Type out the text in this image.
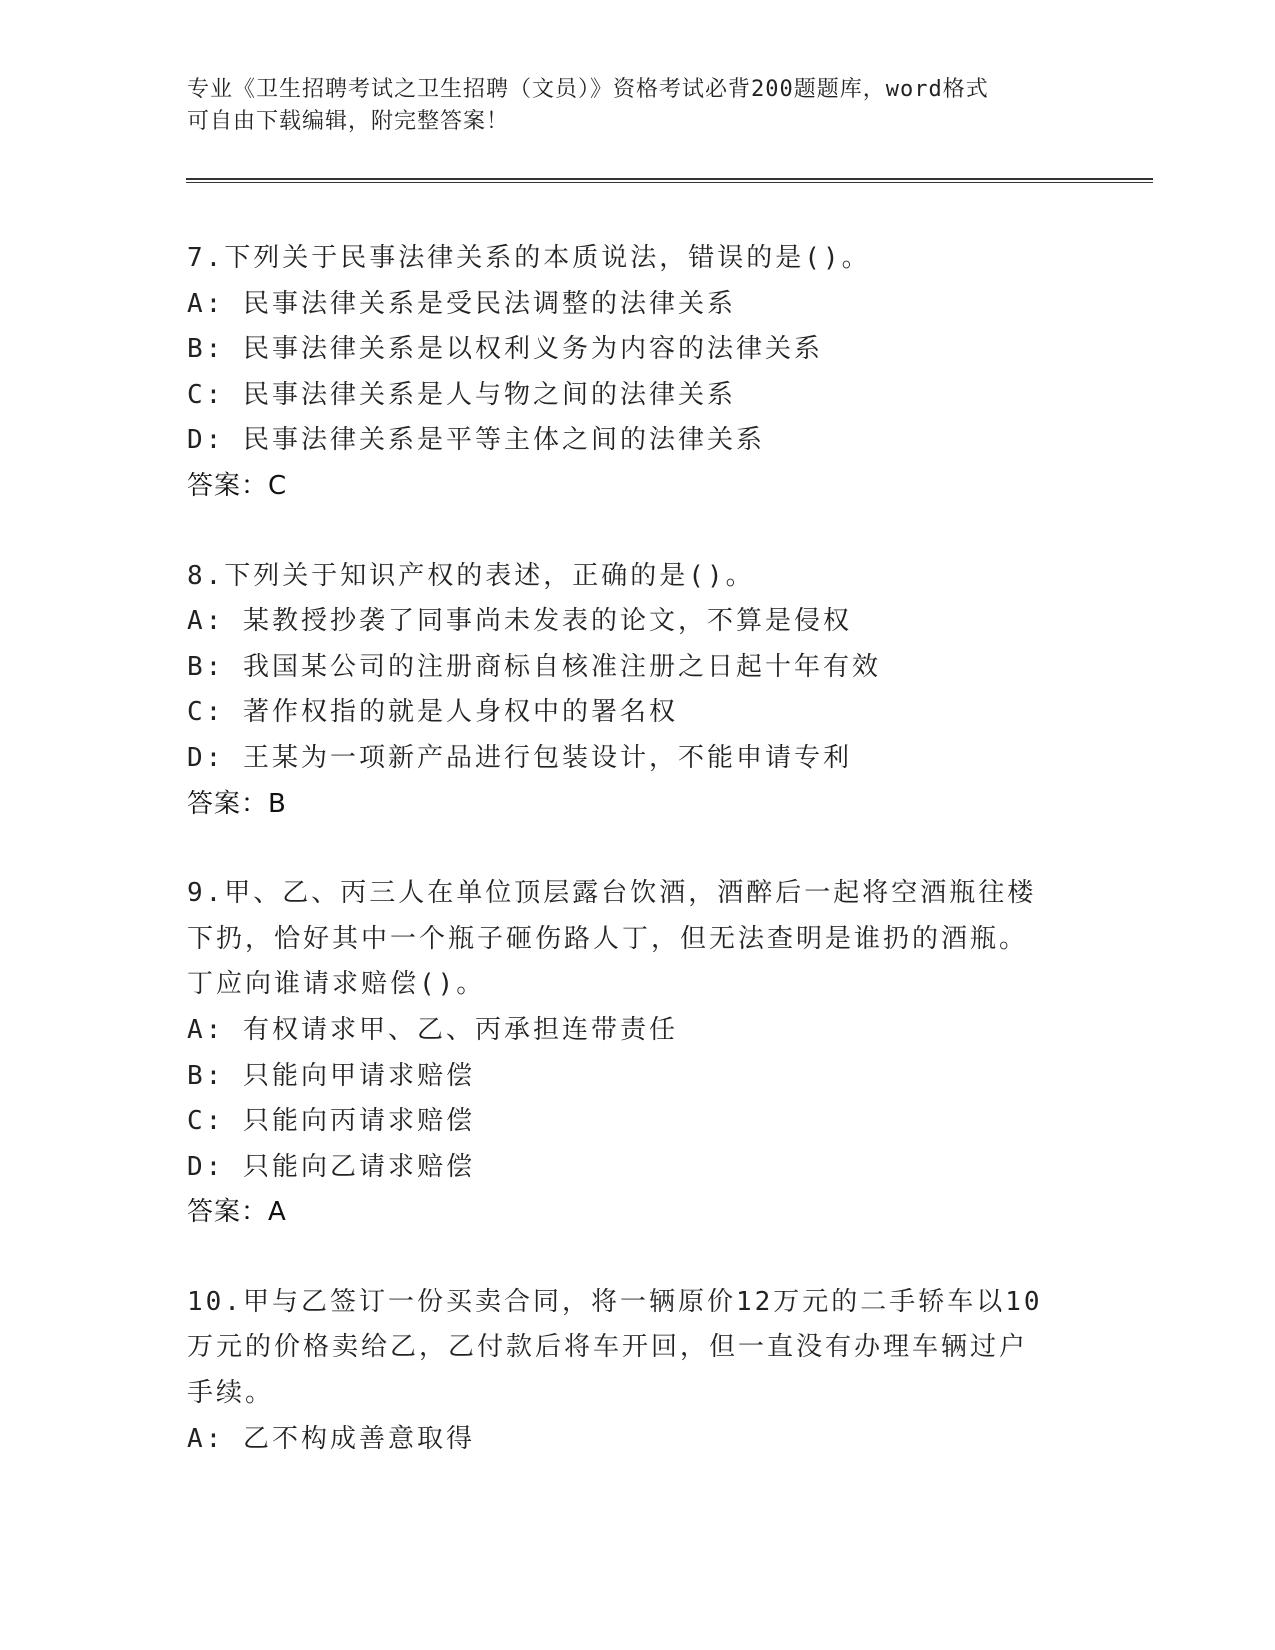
专业《卫生招聘考试之卫生招聘（文员）》资格考试必背200题题库，word格式
可自由下载编辑，附完整答案！
7.下列关于民事法律关系的本质说法，错误的是()。
A: 民事法律关系是受民法调整的法律关系
B: 民事法律关系是以权利义务为内容的法律关系
C: 民事法律关系是人与物之间的法律关系
D: 民事法律关系是平等主体之间的法律关系
答案：C
8.下列关于知识产权的表述，正确的是()。
A: 某教授抄袭了同事尚未发表的论文，不算是侵权
B: 我国某公司的注册商标自核准注册之日起十年有效
C: 著作权指的就是人身权中的署名权
D: 王某为一项新产品进行包装设计，不能申请专利
答案：B
9.甲、乙、丙三人在单位顶层露台饮酒，酒醉后一起将空酒瓶往楼下扔，恰好其中一个瓶子砸伤路人丁，但无法查明是谁扔的酒瓶。丁应向谁请求赔偿()。
A: 有权请求甲、乙、丙承担连带责任
B: 只能向甲请求赔偿
C: 只能向丙请求赔偿
D: 只能向乙请求赔偿
答案：A
10.甲与乙签订一份买卖合同，将一辆原价12万元的二手轿车以10万元的价格卖给乙，乙付款后将车开回，但一直没有办理车辆过户手续。
A: 乙不构成善意取得
